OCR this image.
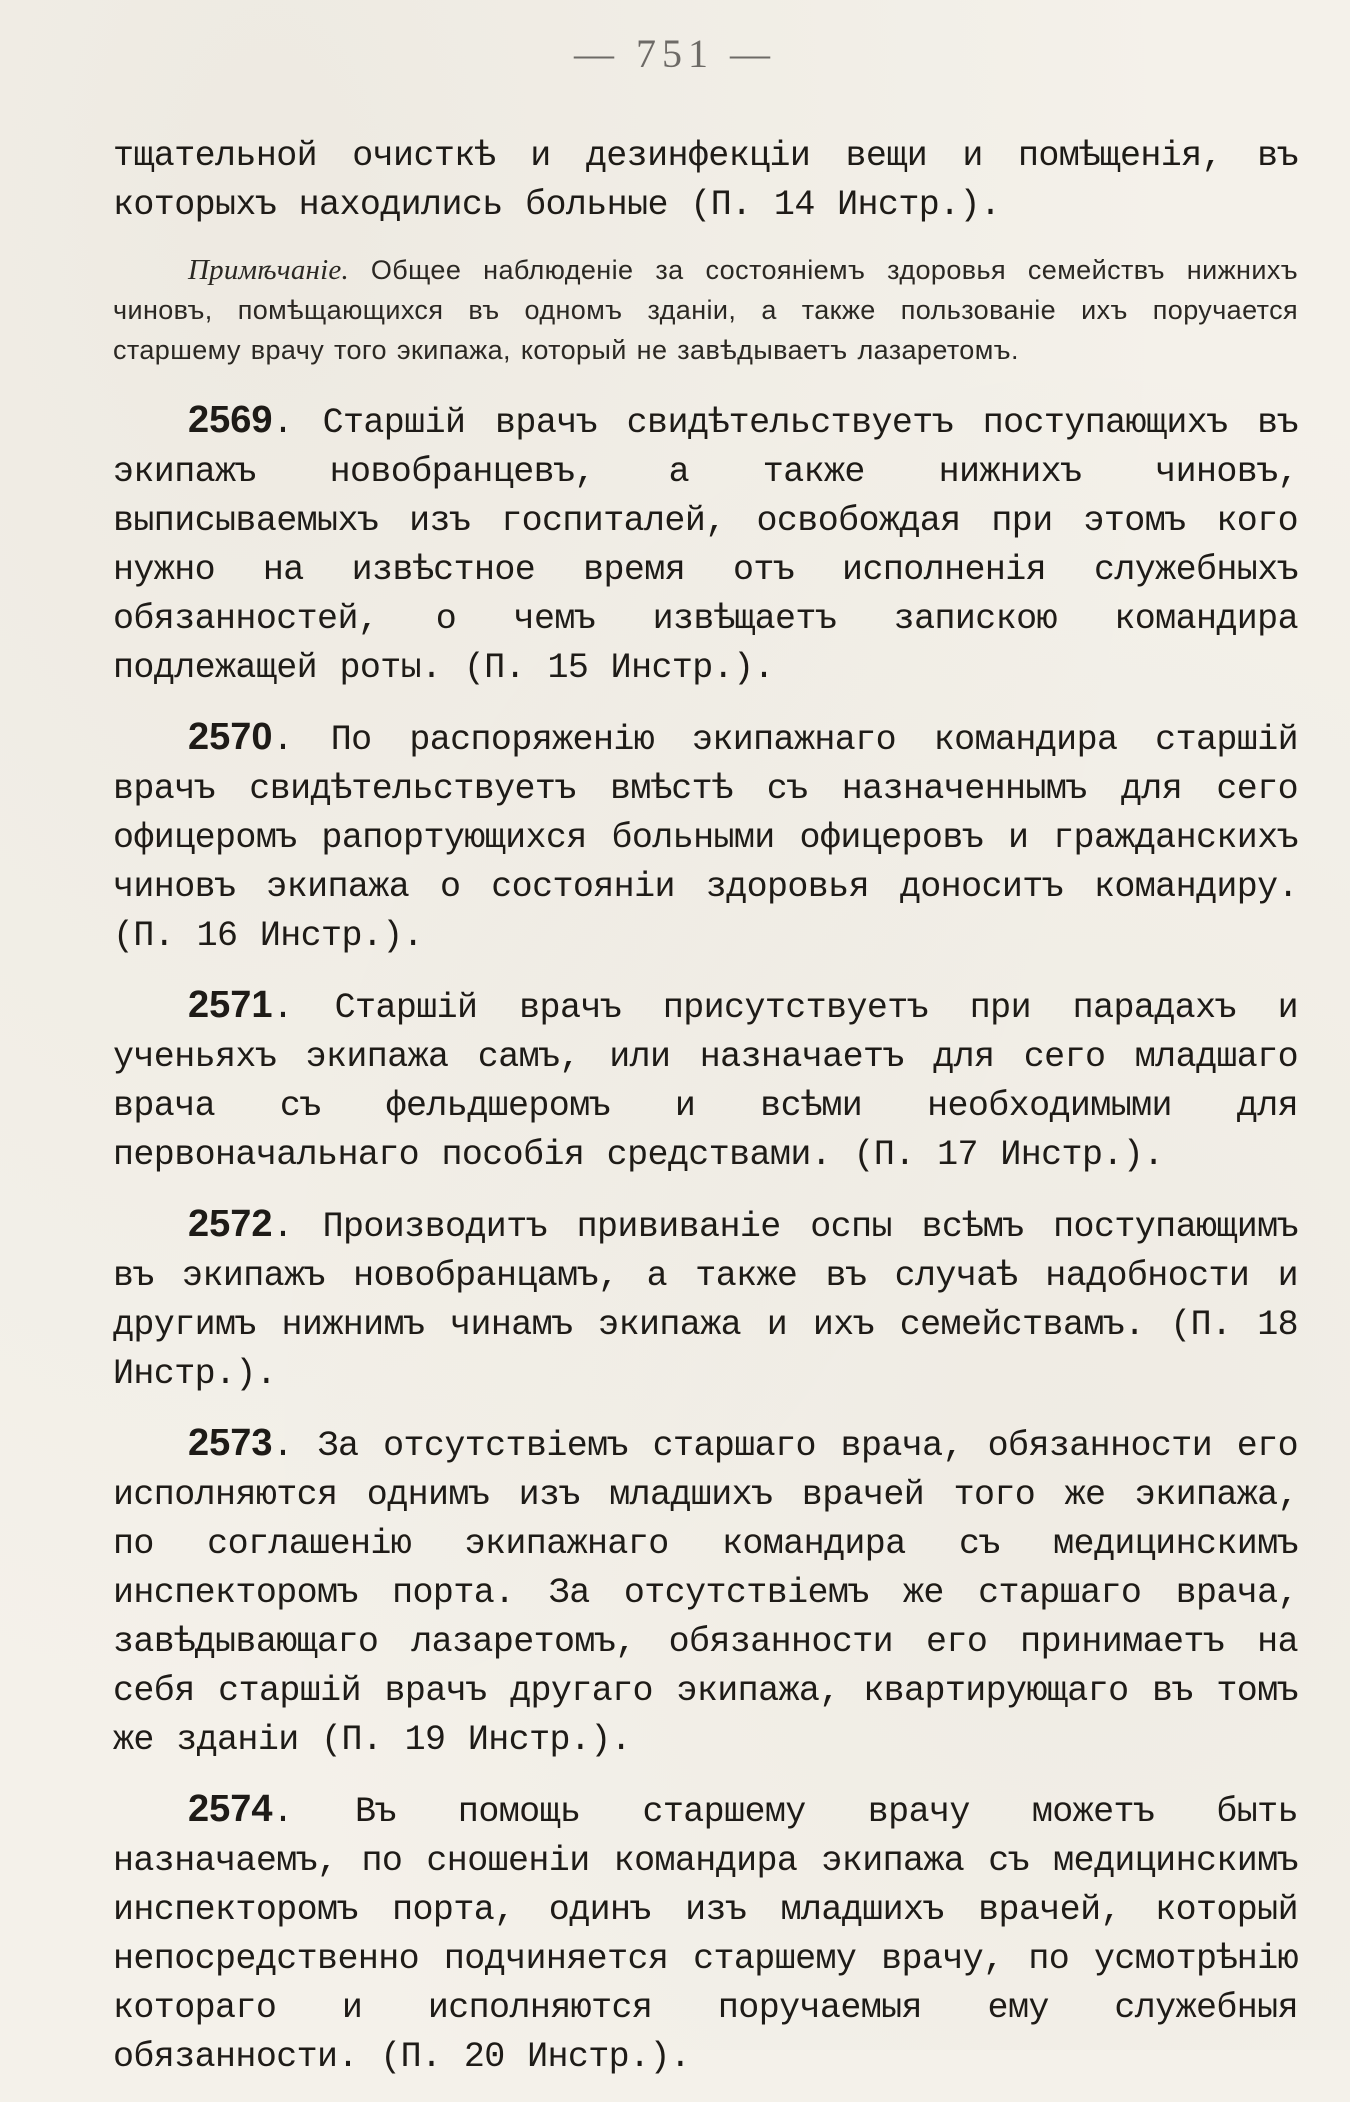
— 751 —

тщательной очисткѣ и дезинфекціи вещи и помѣщенія, въ которыхъ находились больные (П. 14 Инстр.).

Примѣчаніе. Общее наблюденіе за состояніемъ здоровья семействъ нижнихъ чиновъ, помѣщающихся въ одномъ зданіи, а также пользованіе ихъ поручается старшему врачу того экипажа, который не завѣдываетъ лазаретомъ.

2569. Старшій врачъ свидѣтельствуетъ поступающихъ въ экипажъ новобранцевъ, а также нижнихъ чиновъ, выписываемыхъ изъ госпиталей, освобождая при этомъ кого нужно на извѣстное время отъ исполненія служебныхъ обязанностей, о чемъ извѣщаетъ запискою командира подлежащей роты. (П. 15 Инстр.).

2570. По распоряженію экипажнаго командира старшій врачъ свидѣтельствуетъ вмѣстѣ съ назначеннымъ для сего офицеромъ рапортующихся больными офицеровъ и гражданскихъ чиновъ экипажа о состояніи здоровья доноситъ командиру. (П. 16 Инстр.).

2571. Старшій врачъ присутствуетъ при парадахъ и ученьяхъ экипажа самъ, или назначаетъ для сего младшаго врача съ фельдшеромъ и всѣми необходимыми для первоначальнаго пособія средствами. (П. 17 Инстр.).

2572. Производитъ прививаніе оспы всѣмъ поступающимъ въ экипажъ новобранцамъ, а также въ случаѣ надобности и другимъ нижнимъ чинамъ экипажа и ихъ семействамъ. (П. 18 Инстр.).

2573. За отсутствіемъ старшаго врача, обязанности его исполняются однимъ изъ младшихъ врачей того же экипажа, по соглашенію экипажнаго командира съ медицинскимъ инспекторомъ порта. За отсутствіемъ же старшаго врача, завѣдывающаго лазаретомъ, обязанности его принимаетъ на себя старшій врачъ другаго экипажа, квартирующаго въ томъ же зданіи (П. 19 Инстр.).

2574. Въ помощь старшему врачу можетъ быть назначаемъ, по сношеніи командира экипажа съ медицинскимъ инспекторомъ порта, одинъ изъ младшихъ врачей, который непосредственно подчиняется старшему врачу, по усмотрѣнію котораго и исполняются поручаемыя ему служебныя обязанности. (П. 20 Инстр.).
